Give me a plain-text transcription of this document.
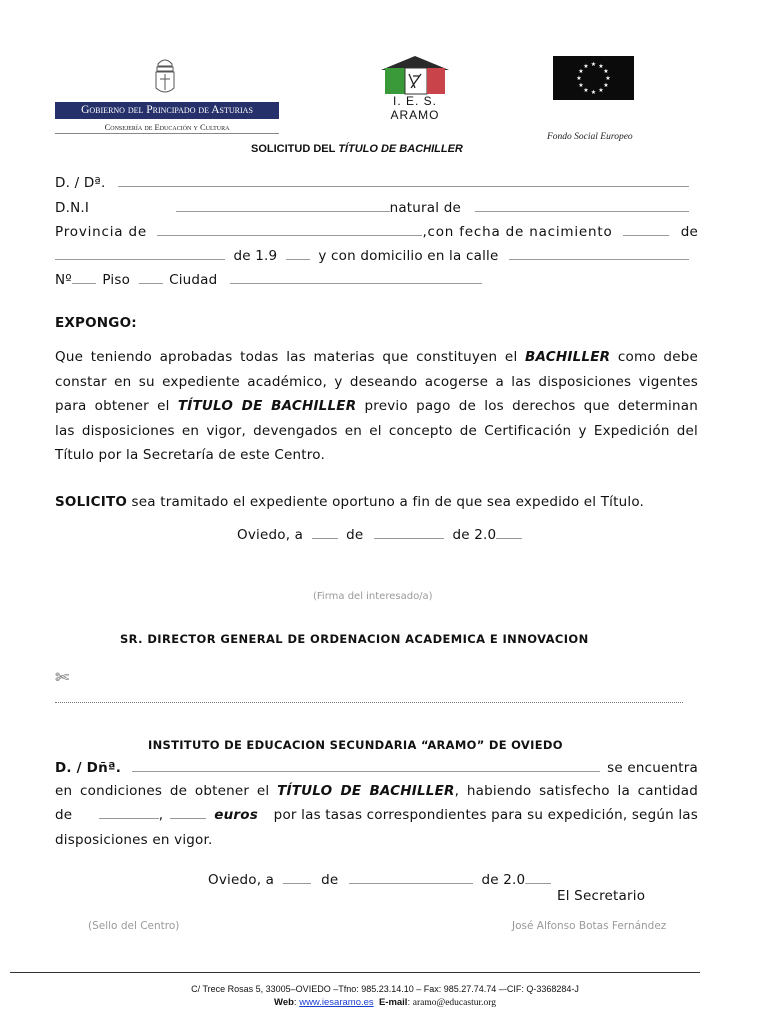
Gobierno del Principado de Asturias
Consejería de Educación y Cultura
I. E. S. ARAMO
★ ★
★
★
★
★
★
★
★
★
★
★
Fondo Social Europeo
SOLICITUD DEL TÍTULO DE BACHILLER
D. / Dª.
D.N.I	natural de
Provincia de	,con fecha de nacimiento	de
de 1.9	y con domicilio en la calle
Nº Piso	Ciudad
EXPONGO:
Que teniendo aprobadas todas las materias que constituyen el BACHILLER como debe
constar en su expediente académico, y deseando acogerse a las disposiciones vigentes
para obtener el TÍTULO DE BACHILLER previo pago de los derechos que determinan
las disposiciones en vigor, devengados en el concepto de Certificación y Expedición del
Título por la Secretaría de este Centro.
SOLICITO sea tramitado el expediente oportuno a fin de que sea expedido el Título.
Oviedo, a	de	de 2.0
(Firma del interesado/a)
SR. DIRECTOR GENERAL DE ORDENACION ACADEMICA E INNOVACION
✄
INSTITUTO DE EDUCACION SECUNDARIA “ARAMO” DE OVIEDO
D. / Dñª.	se encuentra
en condiciones de obtener el TÍTULO DE BACHILLER, habiendo satisfecho la cantidad
de	,	euros por las tasas correspondientes para su expedición, según las
disposiciones en vigor.
Oviedo, a	de	de 2.0
El Secretario
(Sello del Centro)	José Alfonso Botas Fernández
C/ Trece Rosas 5, 33005–OVIEDO –Tfno: 985.23.14.10 – Fax: 985.27.74.74 –-CIF: Q-3368284-J
Web: www.iesaramo.es E-mail: aramo@educastur.org
